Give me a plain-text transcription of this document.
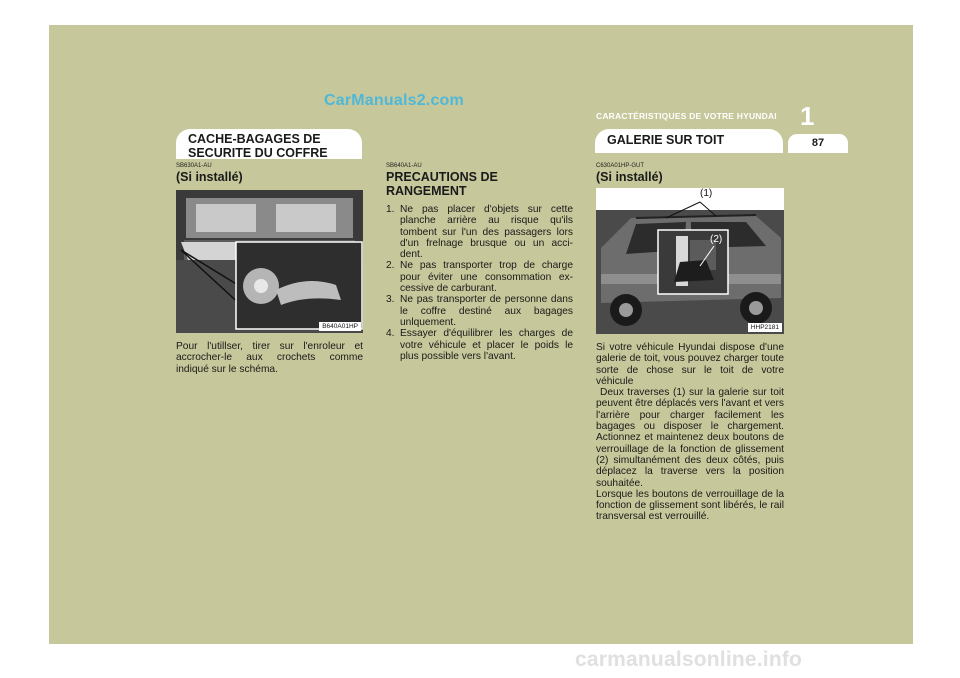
CarManuals2.com
CARACTÉRISTIQUES DE VOTRE HYUNDAI 1
87
CACHE-BAGAGES DE
SECURITE DU COFFRE
GALERIE SUR TOIT
SB630A1-AU
(Si installé)
B640A01HP

Pour l'utillser, tirer sur l'enroleur et accrocher-le aux crochets comme indiqué sur le schéma.

SB640A1-AU
PRECAUTIONS DE
RANGEMENT
1. Ne pas placer d'objets sur cette planche arrière au risque qu'ils tombent sur l'un des passagers lors d'un frelnage brusque ou un acci-dent.
2. Ne pas transporter trop de charge pour éviter une consommation ex-cessive de carburant.
3. Ne pas transporter de personne dans le coffre destiné aux bagages unlquement.
4. Essayer d'équilibrer les charges de votre véhicule et placer le poids le plus possible vers l'avant.
C630A01HP-GUT
(Si installé)
(1)
(2)
HHP2181

Si votre véhicule Hyundai dispose d'une galerie de toit, vous pouvez charger toute sorte de chose sur le toit de votre véhicule

Deux traverses (1) sur la galerie sur toit peuvent être déplacés vers l'avant et vers l'arrière pour charger facilement les bagages ou disposer le chargement. Actionnez et maintenez deux boutons de verrouillage de la fonction de glissement (2) simultanément des deux côtés, puis déplacez la traverse vers la position souhaitée.

Lorsque les boutons de verrouillage de la fonction de glissement sont libérés, le rail transversal est verrouillé.

carmanualsonline.info
